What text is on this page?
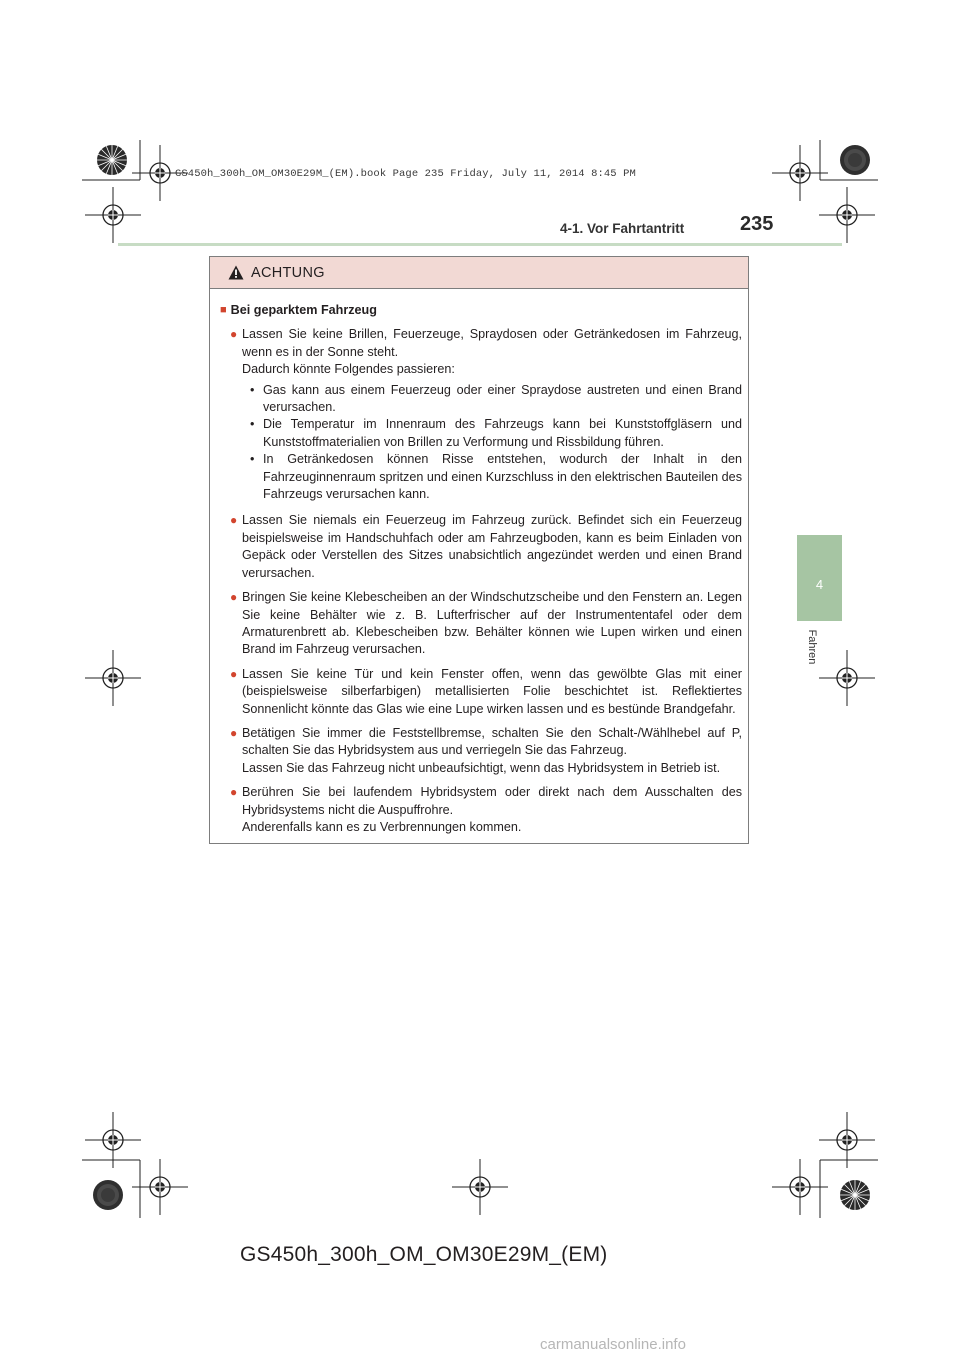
GS450h_300h_OM_OM30E29M_(EM).book Page 235 Friday, July 11, 2014 8:45 PM
4-1. Vor Fahrtantritt	235
4
Fahren
ACHTUNG
■ Bei geparktem Fahrzeug
● Lassen Sie keine Brillen, Feuerzeuge, Spraydosen oder Getränkedosen im Fahrzeug, wenn es in der Sonne steht.

Dadurch könnte Folgendes passieren:

• Gas kann aus einem Feuerzeug oder einer Spraydose austreten und einen Brand verursachen.
• Die Temperatur im Innenraum des Fahrzeugs kann bei Kunststoffgläsern und Kunststoffmaterialien von Brillen zu Verformung und Rissbildung führen.
• In Getränkedosen können Risse entstehen, wodurch der Inhalt in den Fahrzeuginnenraum spritzen und einen Kurzschluss in den elektrischen Bauteilen des Fahrzeugs verursachen kann.
● Lassen Sie niemals ein Feuerzeug im Fahrzeug zurück. Befindet sich ein Feuerzeug beispielsweise im Handschuhfach oder am Fahrzeugboden, kann es beim Einladen von Gepäck oder Verstellen des Sitzes unabsichtlich angezündet werden und einen Brand verursachen.

● Bringen Sie keine Klebescheiben an der Windschutzscheibe und den Fenstern an. Legen Sie keine Behälter wie z. B. Lufterfrischer auf der Instrumententafel oder dem Armaturenbrett ab. Klebescheiben bzw. Behälter können wie Lupen wirken und einen Brand im Fahrzeug verursachen.

● Lassen Sie keine Tür und kein Fenster offen, wenn das gewölbte Glas mit einer (beispielsweise silberfarbigen) metallisierten Folie beschichtet ist. Reflektiertes Sonnenlicht könnte das Glas wie eine Lupe wirken lassen und es bestünde Brandgefahr.

● Betätigen Sie immer die Feststellbremse, schalten Sie den Schalt-/Wählhebel auf P, schalten Sie das Hybridsystem aus und verriegeln Sie das Fahrzeug.

Lassen Sie das Fahrzeug nicht unbeaufsichtigt, wenn das Hybridsystem in Betrieb ist.

● Berühren Sie bei laufendem Hybridsystem oder direkt nach dem Ausschalten des Hybridsystems nicht die Auspuffrohre.

Anderenfalls kann es zu Verbrennungen kommen.

GS450h_300h_OM_OM30E29M_(EM)
carmanualsonline.info
